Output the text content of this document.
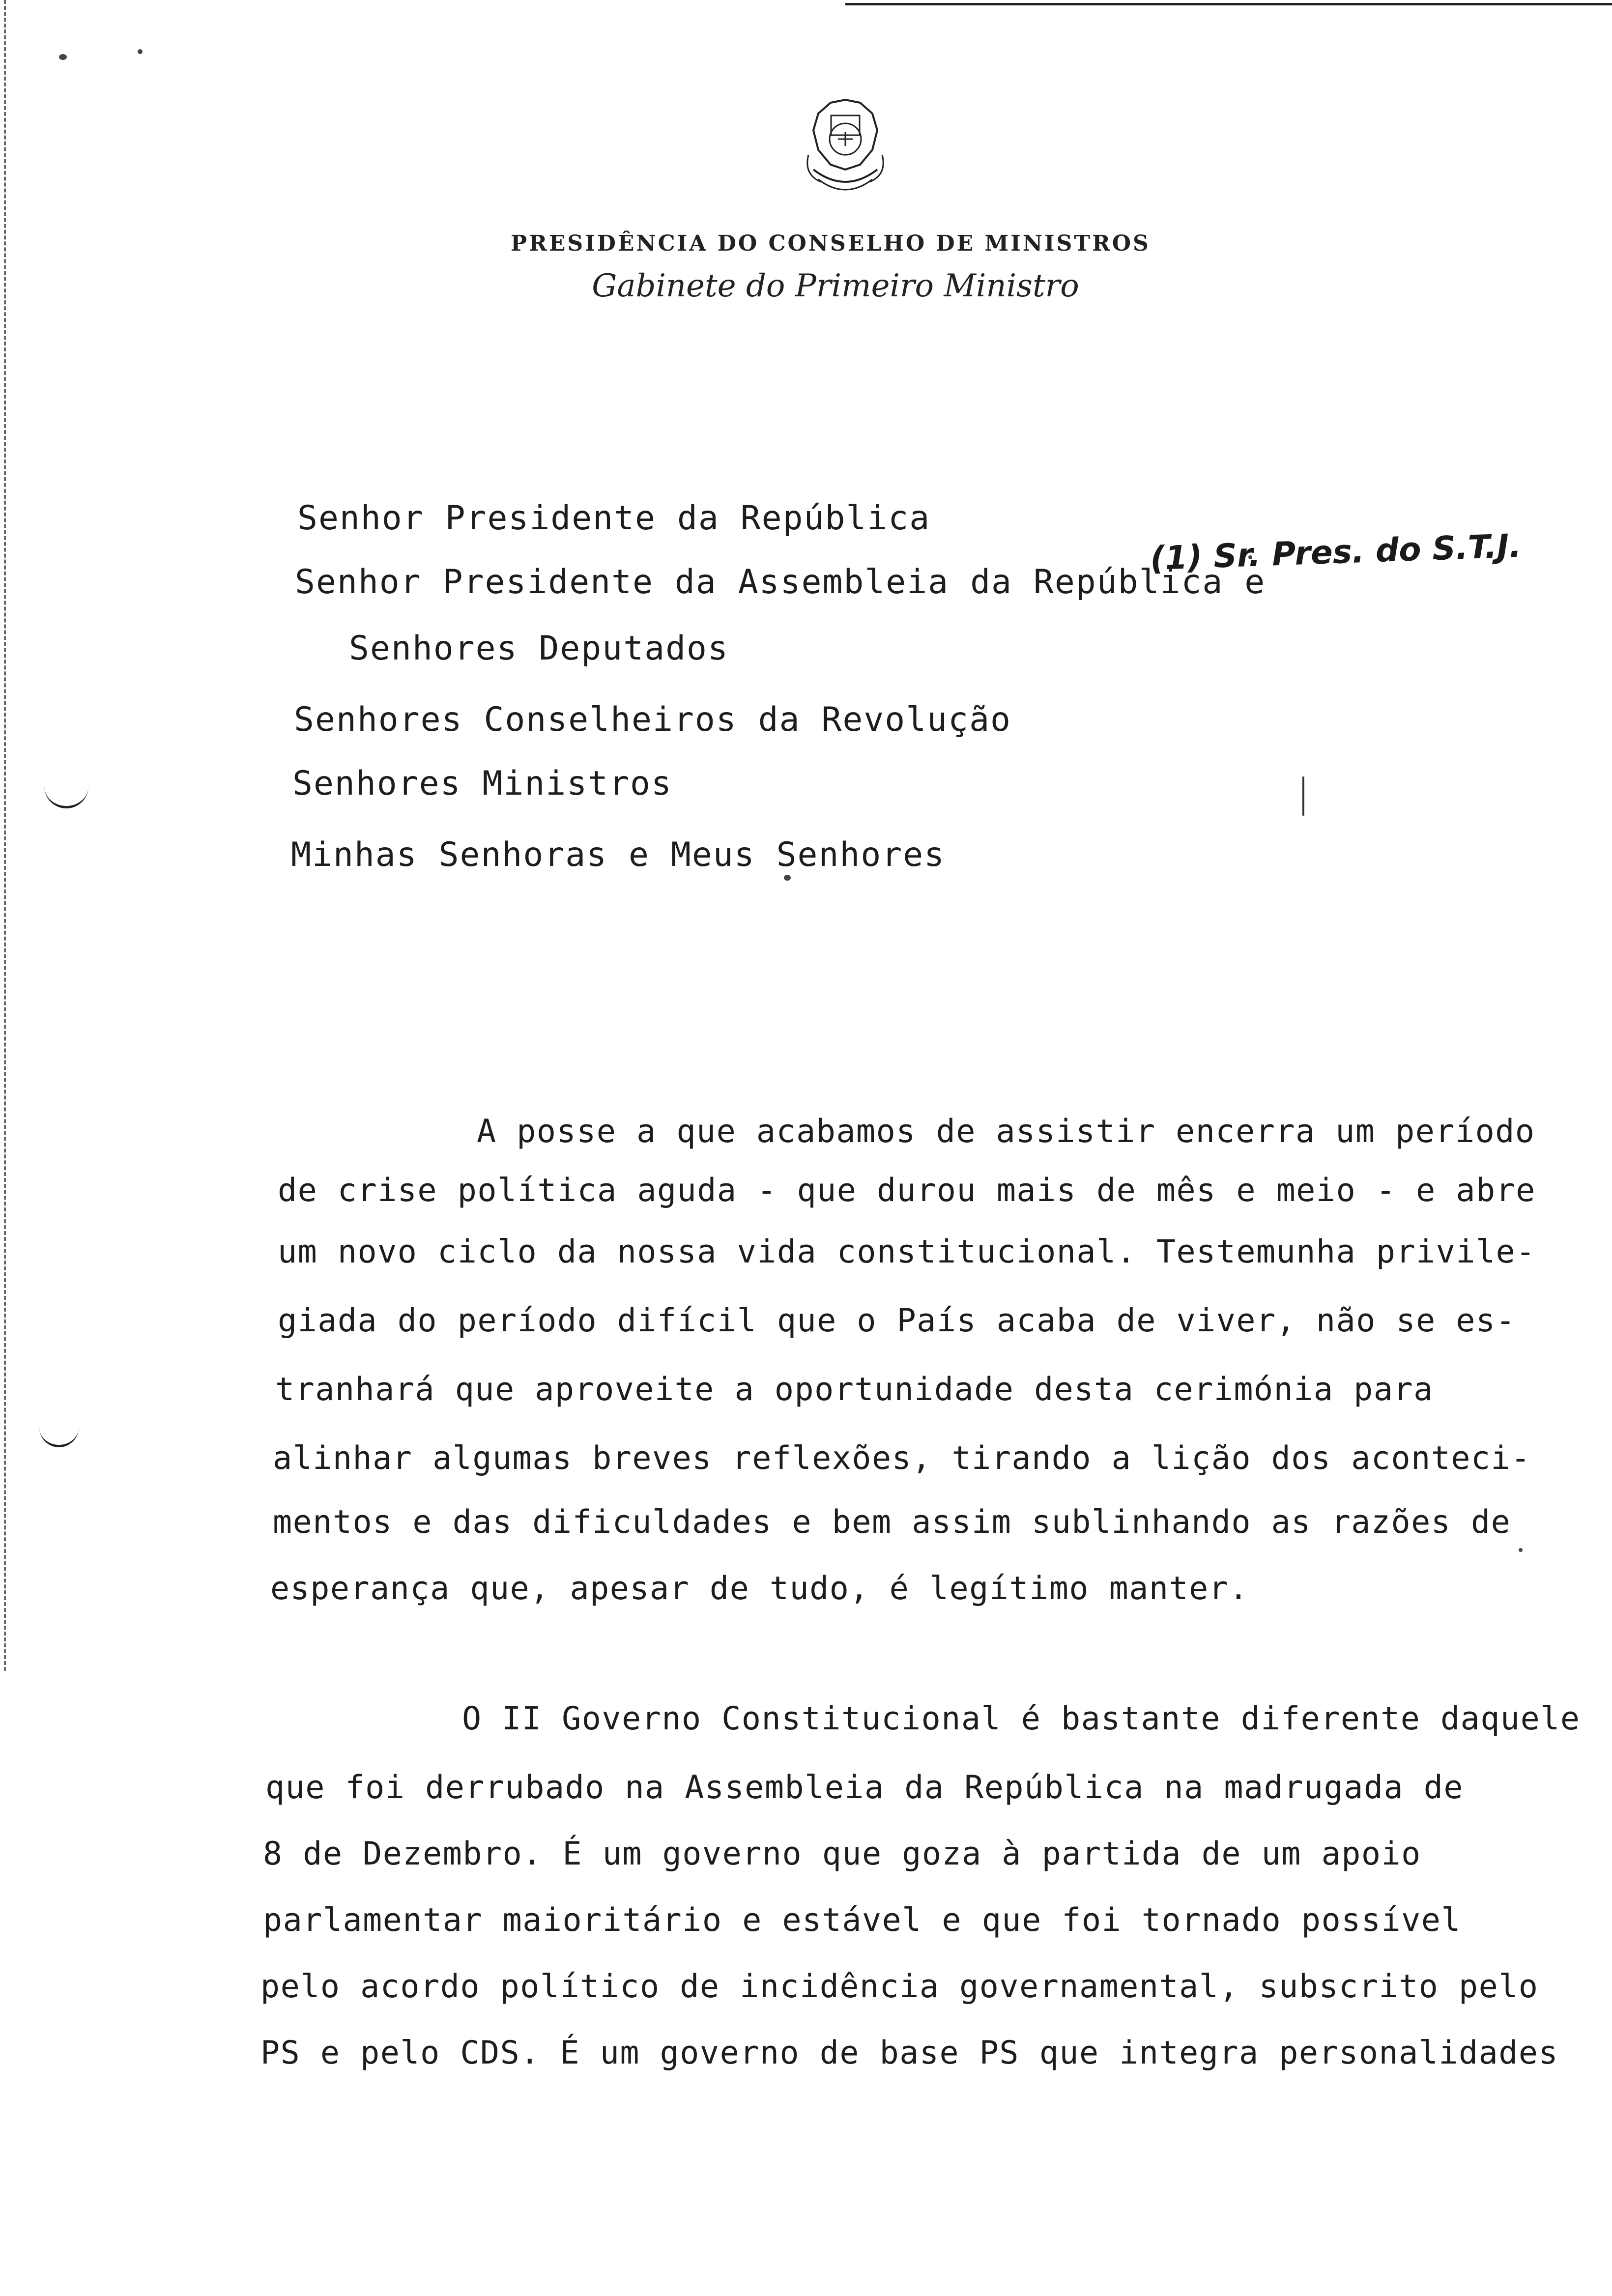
PRESIDÊNCIA DO CONSELHO DE MINISTROS
Gabinete do Primeiro Ministro
Senhor Presidente da República
Senhor Presidente da Assembleia da República e
Senhores Deputados
Senhores Conselheiros da Revolução
Senhores Ministros
Minhas Senhoras e Meus Senhores
(1) Sr. Pres. do S.T.J.
A posse a que acabamos de assistir encerra um período
de crise política aguda - que durou mais de mês e meio - e abre
um novo ciclo da nossa vida constitucional. Testemunha privile-
giada do período difícil que o País acaba de viver, não se es-
tranhará que aproveite a oportunidade desta cerimónia para
alinhar algumas breves reflexões, tirando a lição dos aconteci-
mentos e das dificuldades e bem assim sublinhando as razões de
esperança que, apesar de tudo, é legítimo manter.
O II Governo Constitucional é bastante diferente daquele
que foi derrubado na Assembleia da República na madrugada de
8 de Dezembro. É um governo que goza à partida de um apoio
parlamentar maioritário e estável e que foi tornado possível
pelo acordo político de incidência governamental, subscrito pelo
PS e pelo CDS. É um governo de base PS que integra personalidades
